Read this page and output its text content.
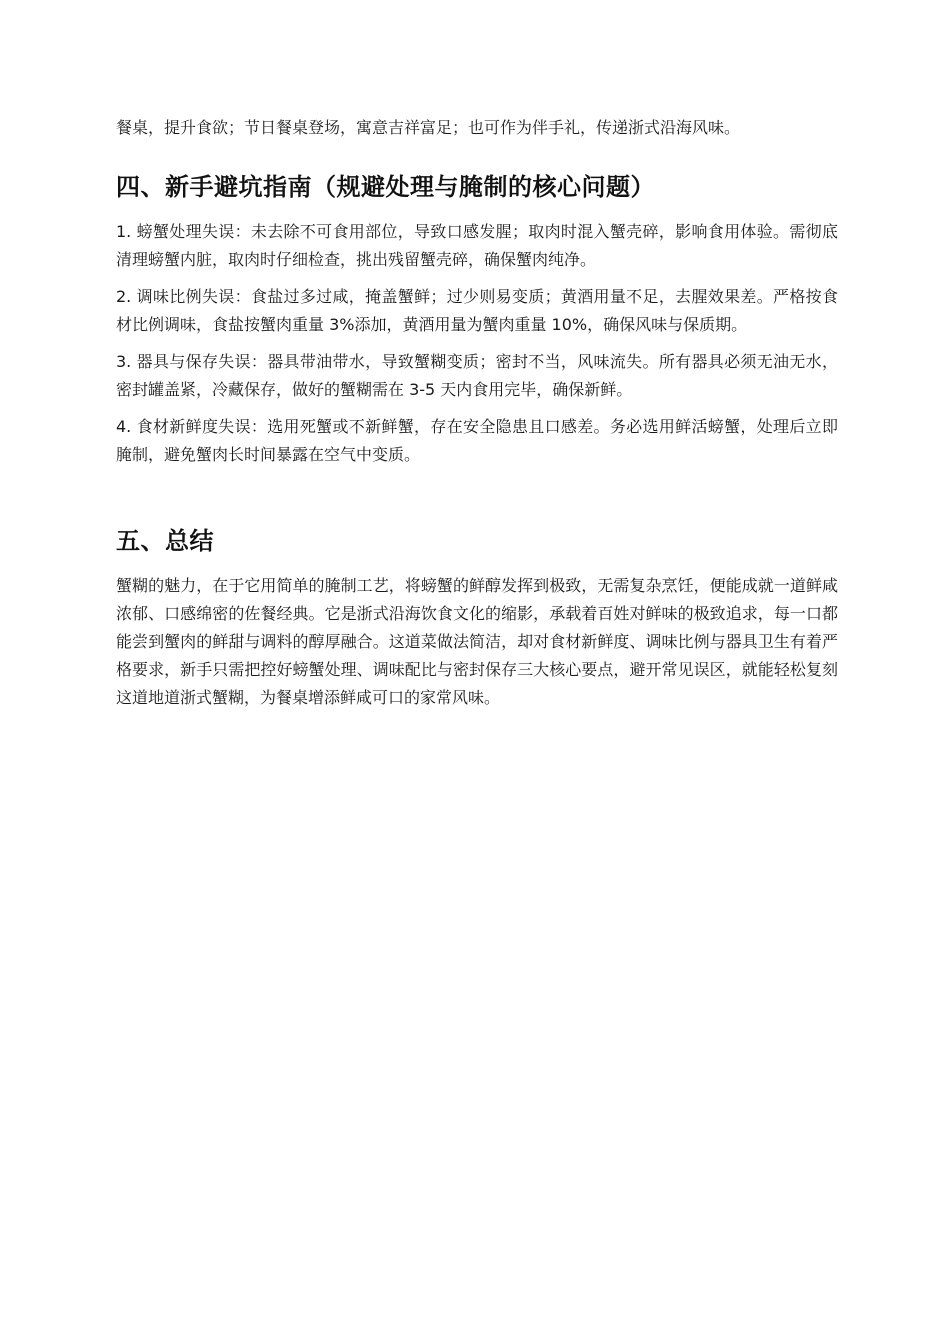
餐桌，提升食欲；节日餐桌登场，寓意吉祥富足；也可作为伴手礼，传递浙式沿海风味。

四、新手避坑指南（规避处理与腌制的核心问题）

1. 螃蟹处理失误：未去除不可食用部位，导致口感发腥；取肉时混入蟹壳碎，影响食用体验。需彻底清理螃蟹内脏，取肉时仔细检查，挑出残留蟹壳碎，确保蟹肉纯净。

2. 调味比例失误：食盐过多过咸，掩盖蟹鲜；过少则易变质；黄酒用量不足，去腥效果差。严格按食材比例调味，食盐按蟹肉重量 3%添加，黄酒用量为蟹肉重量 10%，确保风味与保质期。

3. 器具与保存失误：器具带油带水，导致蟹糊变质；密封不当，风味流失。所有器具必须无油无水，密封罐盖紧，冷藏保存，做好的蟹糊需在 3-5 天内食用完毕，确保新鲜。

4. 食材新鲜度失误：选用死蟹或不新鲜蟹，存在安全隐患且口感差。务必选用鲜活螃蟹，处理后立即腌制，避免蟹肉长时间暴露在空气中变质。

五、总结

蟹糊的魅力，在于它用简单的腌制工艺，将螃蟹的鲜醇发挥到极致，无需复杂烹饪，便能成就一道鲜咸浓郁、口感绵密的佐餐经典。它是浙式沿海饮食文化的缩影，承载着百姓对鲜味的极致追求，每一口都能尝到蟹肉的鲜甜与调料的醇厚融合。这道菜做法简洁，却对食材新鲜度、调味比例与器具卫生有着严格要求，新手只需把控好螃蟹处理、调味配比与密封保存三大核心要点，避开常见误区，就能轻松复刻这道地道浙式蟹糊，为餐桌增添鲜咸可口的家常风味。
